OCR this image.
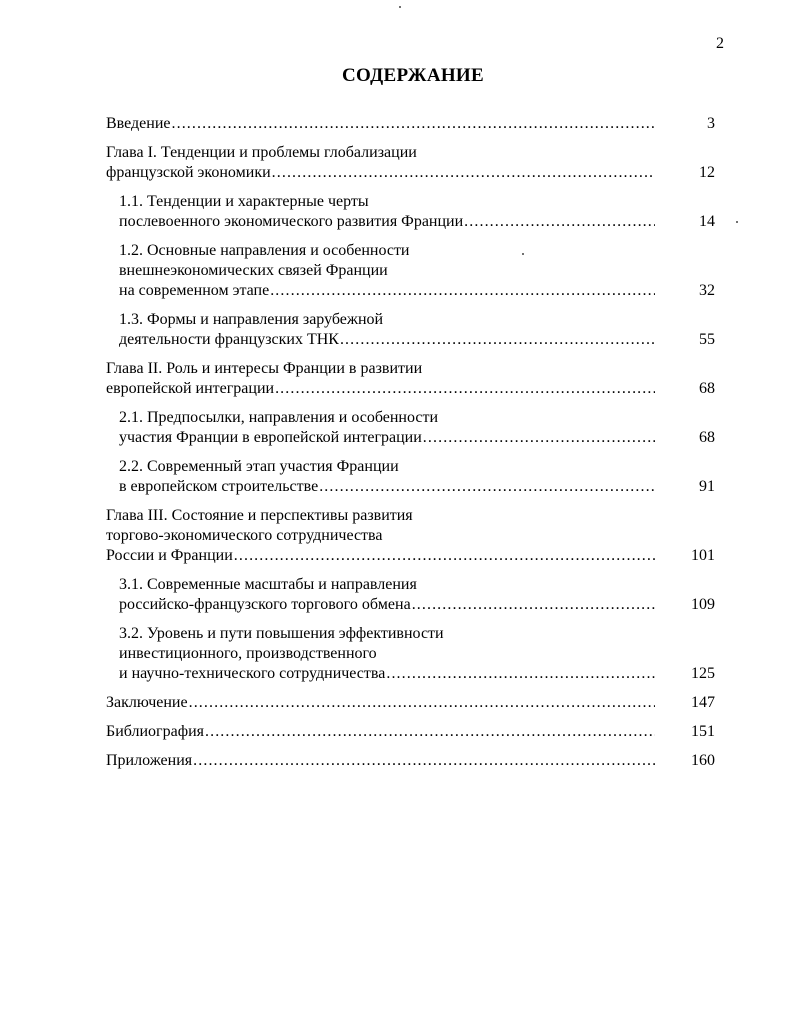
2
СОДЕРЖАНИЕ
Введение .....	3
Глава I. Тенденции и проблемы глобализации
французской экономики .....	12
1.1. Тенденции и характерные черты
послевоенного экономического развития Франции .....	14
1.2. Основные направления и особенности
внешнеэкономических связей Франции
на современном этапе .....	32
1.3. Формы и направления зарубежной
деятельности французских ТНК .....	55
Глава II. Роль и интересы Франции в развитии
европейской интеграции .....	68
2.1. Предпосылки, направления и особенности
участия Франции в европейской интеграции .....	68
2.2. Современный этап участия Франции
в европейском строительстве .....	91
Глава III. Состояние и перспективы развития
торгово-экономического сотрудничества
России и Франции .....	101
3.1. Современные масштабы и направления
российско-французского торгового обмена .....	109
3.2. Уровень и пути повышения эффективности
инвестиционного, производственного
и научно-технического сотрудничества .....	125
Заключение .....	147
Библиография .....	151
Приложения .....	160
